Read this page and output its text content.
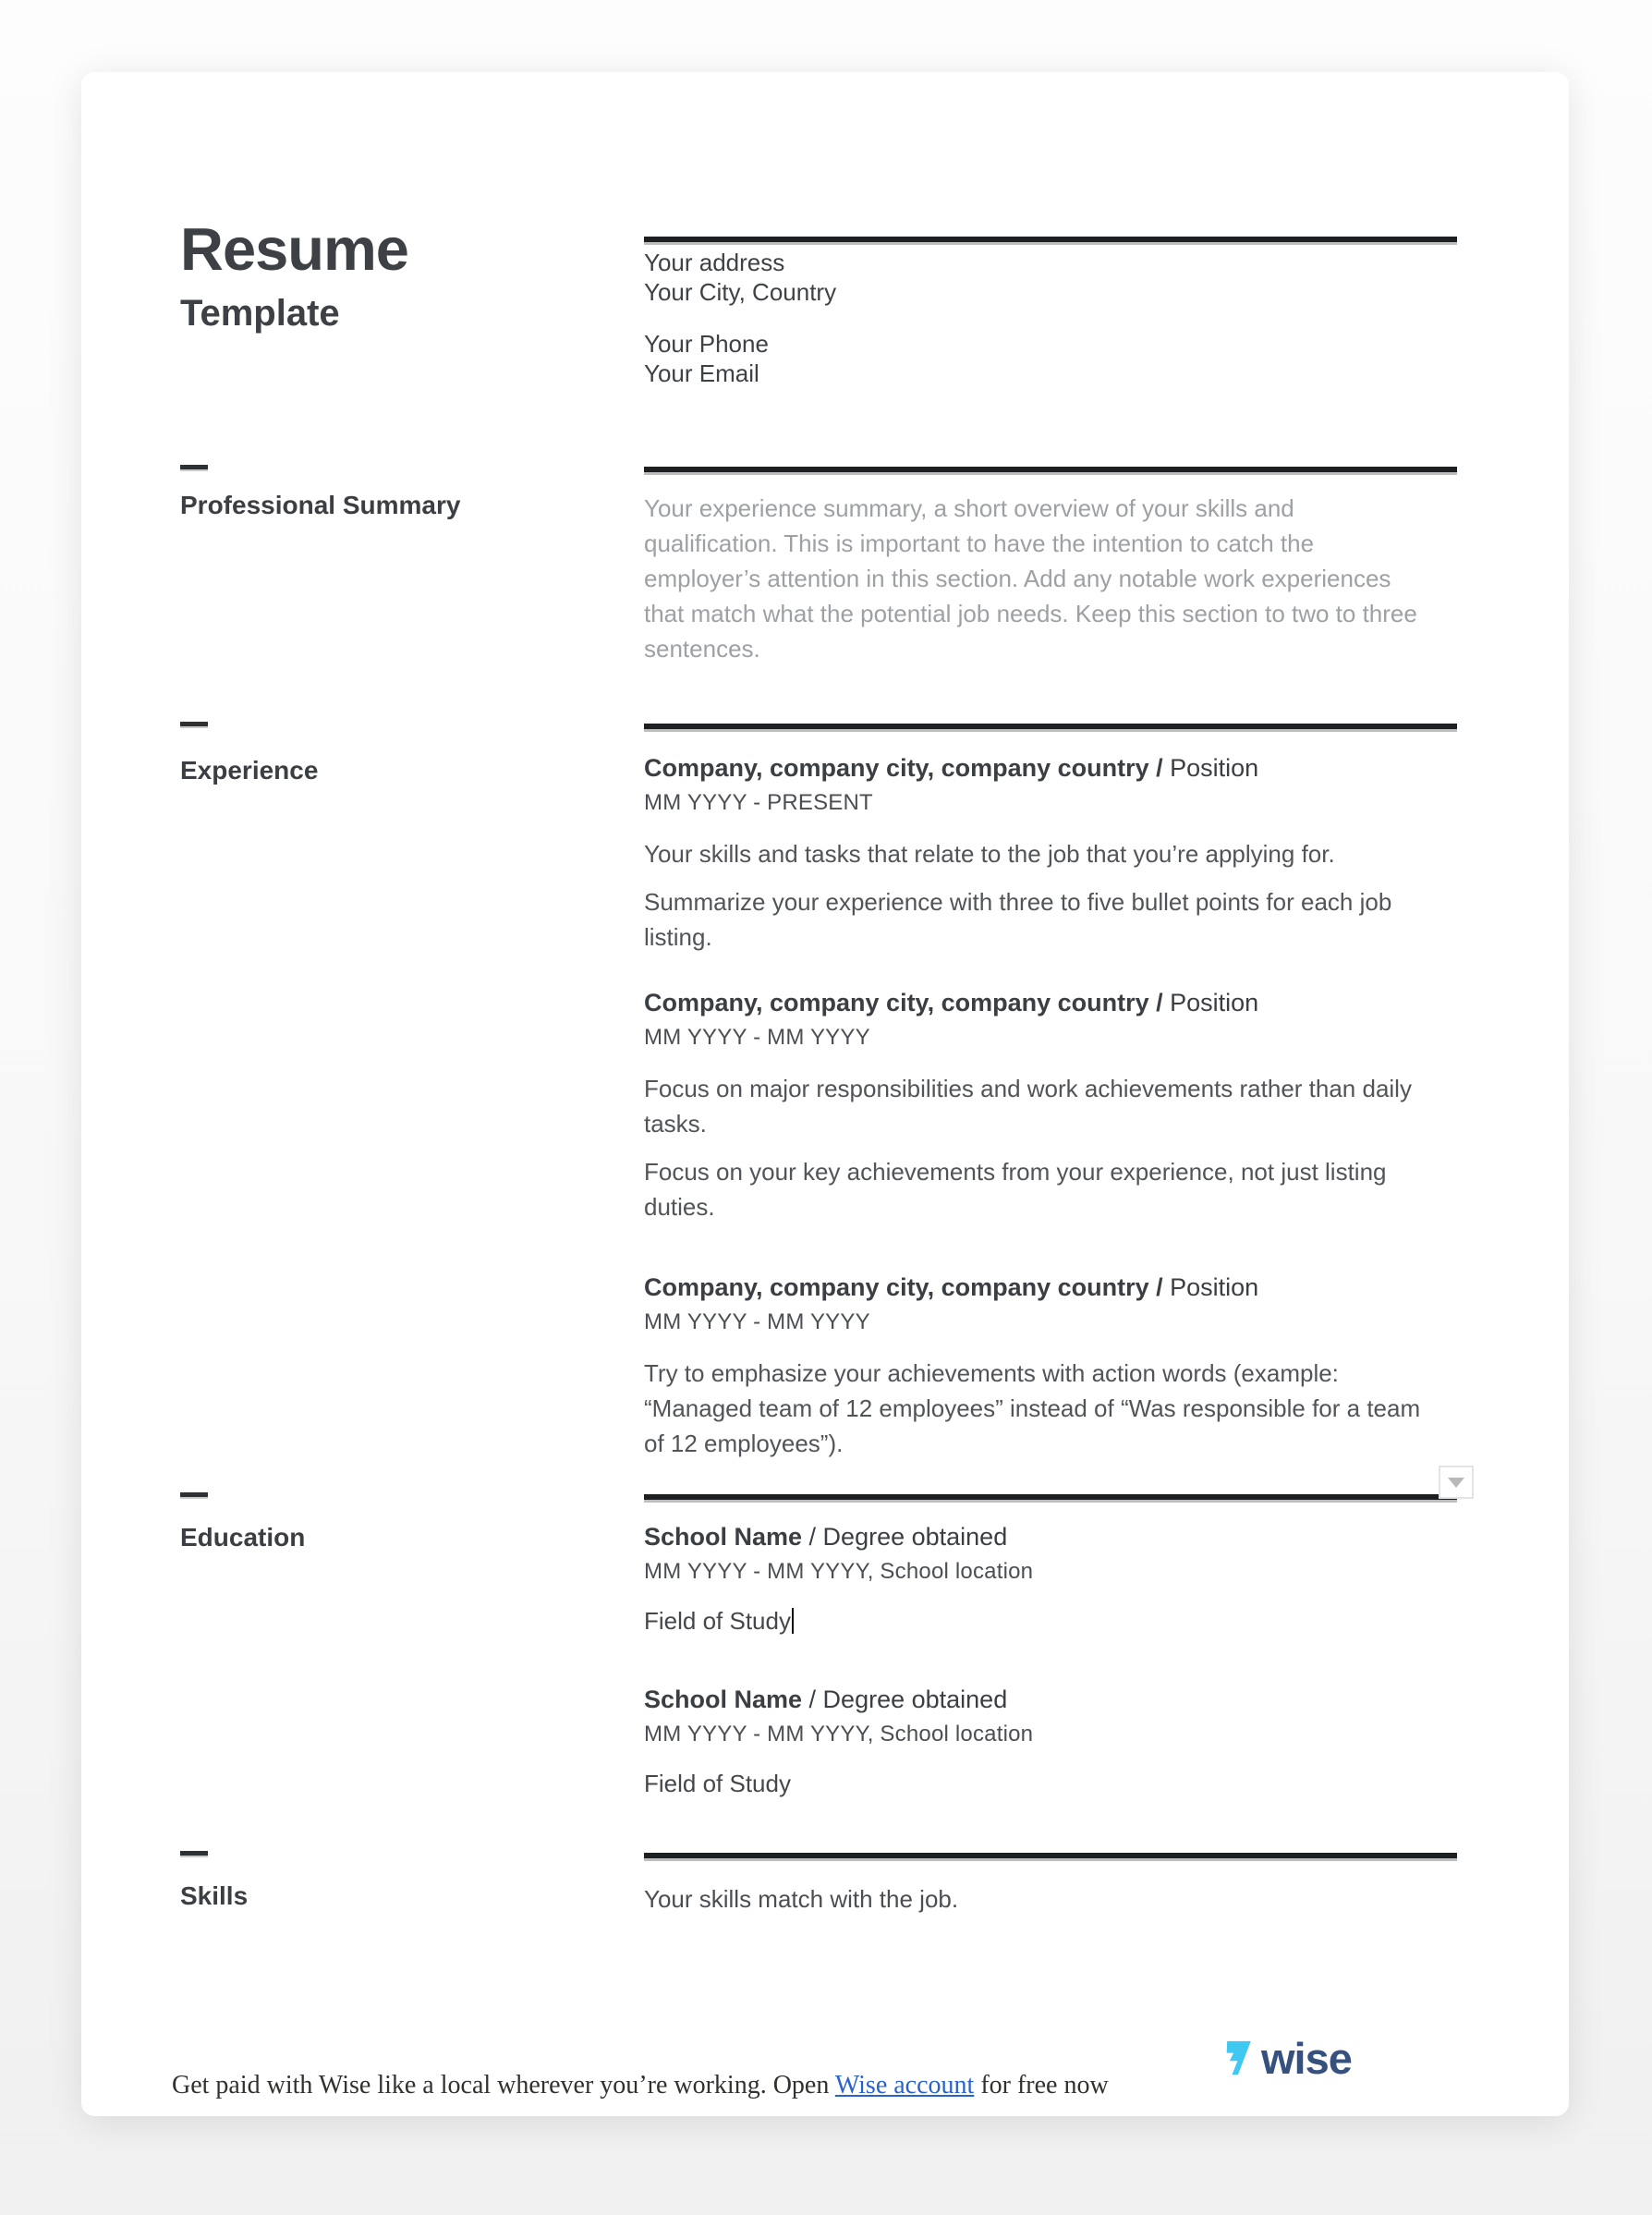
Resume
Template
Your address
Your City, Country
Your Phone
Your Email
Professional Summary	Your experience summary, a short overview of your skills and qualification. This is important to have the intention to catch the employer’s attention in this section. Add any notable work experiences that match what the potential job needs. Keep this section to two to three sentences.
Experience	Company, company city, company country / Position
MM YYYY - PRESENT

Your skills and tasks that relate to the job that you’re applying for.

Summarize your experience with three to five bullet points for each job listing.

Company, company city, company country / Position
MM YYYY - MM YYYY

Focus on major responsibilities and work achievements rather than daily tasks.

Focus on your key achievements from your experience, not just listing duties.

Company, company city, company country / Position
MM YYYY - MM YYYY

Try to emphasize your achievements with action words (example: “Managed team of 12 employees” instead of “Was responsible for a team of 12 employees”).

Education	School Name / Degree obtained
MM YYYY - MM YYYY, School location
Field of Study
School Name / Degree obtained
MM YYYY - MM YYYY, School location
Field of Study
Skills	Your skills match with the job.
Get paid with Wise like a local wherever you’re working. Open Wise account for free now
wise
